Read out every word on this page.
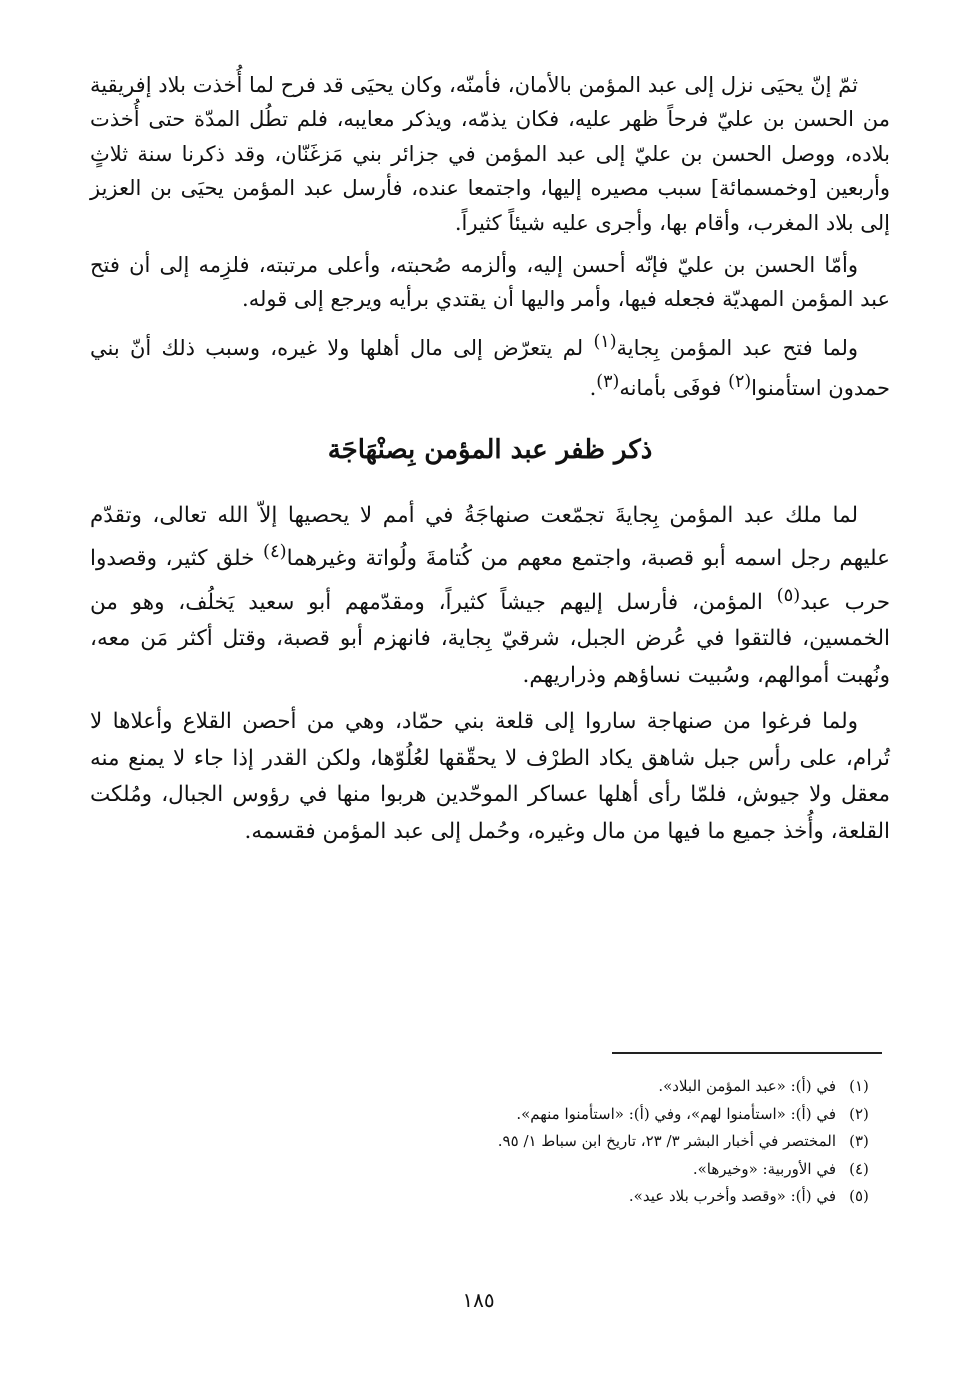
ثمّ إنّ يحيَى نزل إلى عبد المؤمن بالأمان، فأمنّه، وكان يحيَى قد فرح لما أُخذت بلاد إفريقية من الحسن بن عليّ فرحاً ظهر عليه، فكان يذمّه، ويذكر معايبه، فلم تطُل المدّة حتى أُخذت بلاده، ووصل الحسن بن عليّ إلى عبد المؤمن في جزائر بني مَزغَنّان، وقد ذكرنا سنة ثلاثٍ وأربعين [وخمسمائة] سبب مصيره إليها، واجتمعا عنده، فأرسل عبد المؤمن يحيَى بن العزيز إلى بلاد المغرب، وأقام بها، وأجرى عليه شيئاً كثيراً.

وأمّا الحسن بن عليّ فإنّه أحسن إليه، وألزمه صُحبته، وأعلى مرتبته، فلزِمه إلى أن فتح عبد المؤمن المهديّة فجعله فيها، وأمر واليها أن يقتدي برأيه ويرجع إلى قوله.

ولما فتح عبد المؤمن بِجاية$^{(١)}$ لم يتعرّض إلى مال أهلها ولا غيره، وسبب ذلك أنّ بني حمدون استأمنوا$^{(٢)}$ فوفَى بأمانه$^{(٣)}$.

ذكر ظفر عبد المؤمن بِصنْهَاجَة

لما ملك عبد المؤمن بِجايةَ تجمّعت صنهاجَةُ في أمم لا يحصيها إلاّ الله تعالى، وتقدّم عليهم رجل اسمه أبو قصبة، واجتمع معهم من كُتامةَ ولُواتة وغيرهما$^{(٤)}$ خلق كثير، وقصدوا حرب عبد$^{(٥)}$ المؤمن، فأرسل إليهم جيشاً كثيراً، ومقدّمهم أبو سعيد يَخلُف، وهو من الخمسين، فالتقوا في عُرض الجبل، شرقيّ بِجاية، فانهزم أبو قصبة، وقتل أكثر مَن معه، ونُهبت أموالهم، وسُبيت نساؤهم وذراريهم.

ولما فرغوا من صنهاجة ساروا إلى قلعة بني حمّاد، وهي من أحصن القلاع وأعلاها لا تُرام، على رأس جبل شاهق يكاد الطرْف لا يحقّقها لعُلُوّها، ولكن القدر إذا جاء لا يمنع منه معقل ولا جيوش، فلمّا رأى أهلها عساكر الموحّدين هربوا منها في رؤوس الجبال، ومُلكت القلعة، وأُخذ جميع ما فيها من مال وغيره، وحُمل إلى عبد المؤمن فقسمه.

(١)
في (أ): «عبد المؤمن البلاد».
(٢)
في (أ): «استأمنوا لهم»، وفي (أ): «استأمنوا منهم».
(٣)
المختصر في أخبار البشر ٣/ ٢٣، تاريخ ابن سباط ١/ ٩٥.
(٤)
في الأوربية: «وخيرها».
(٥)
في (أ): «وقصد وأخرب بلاد عيد».
١٨٥
